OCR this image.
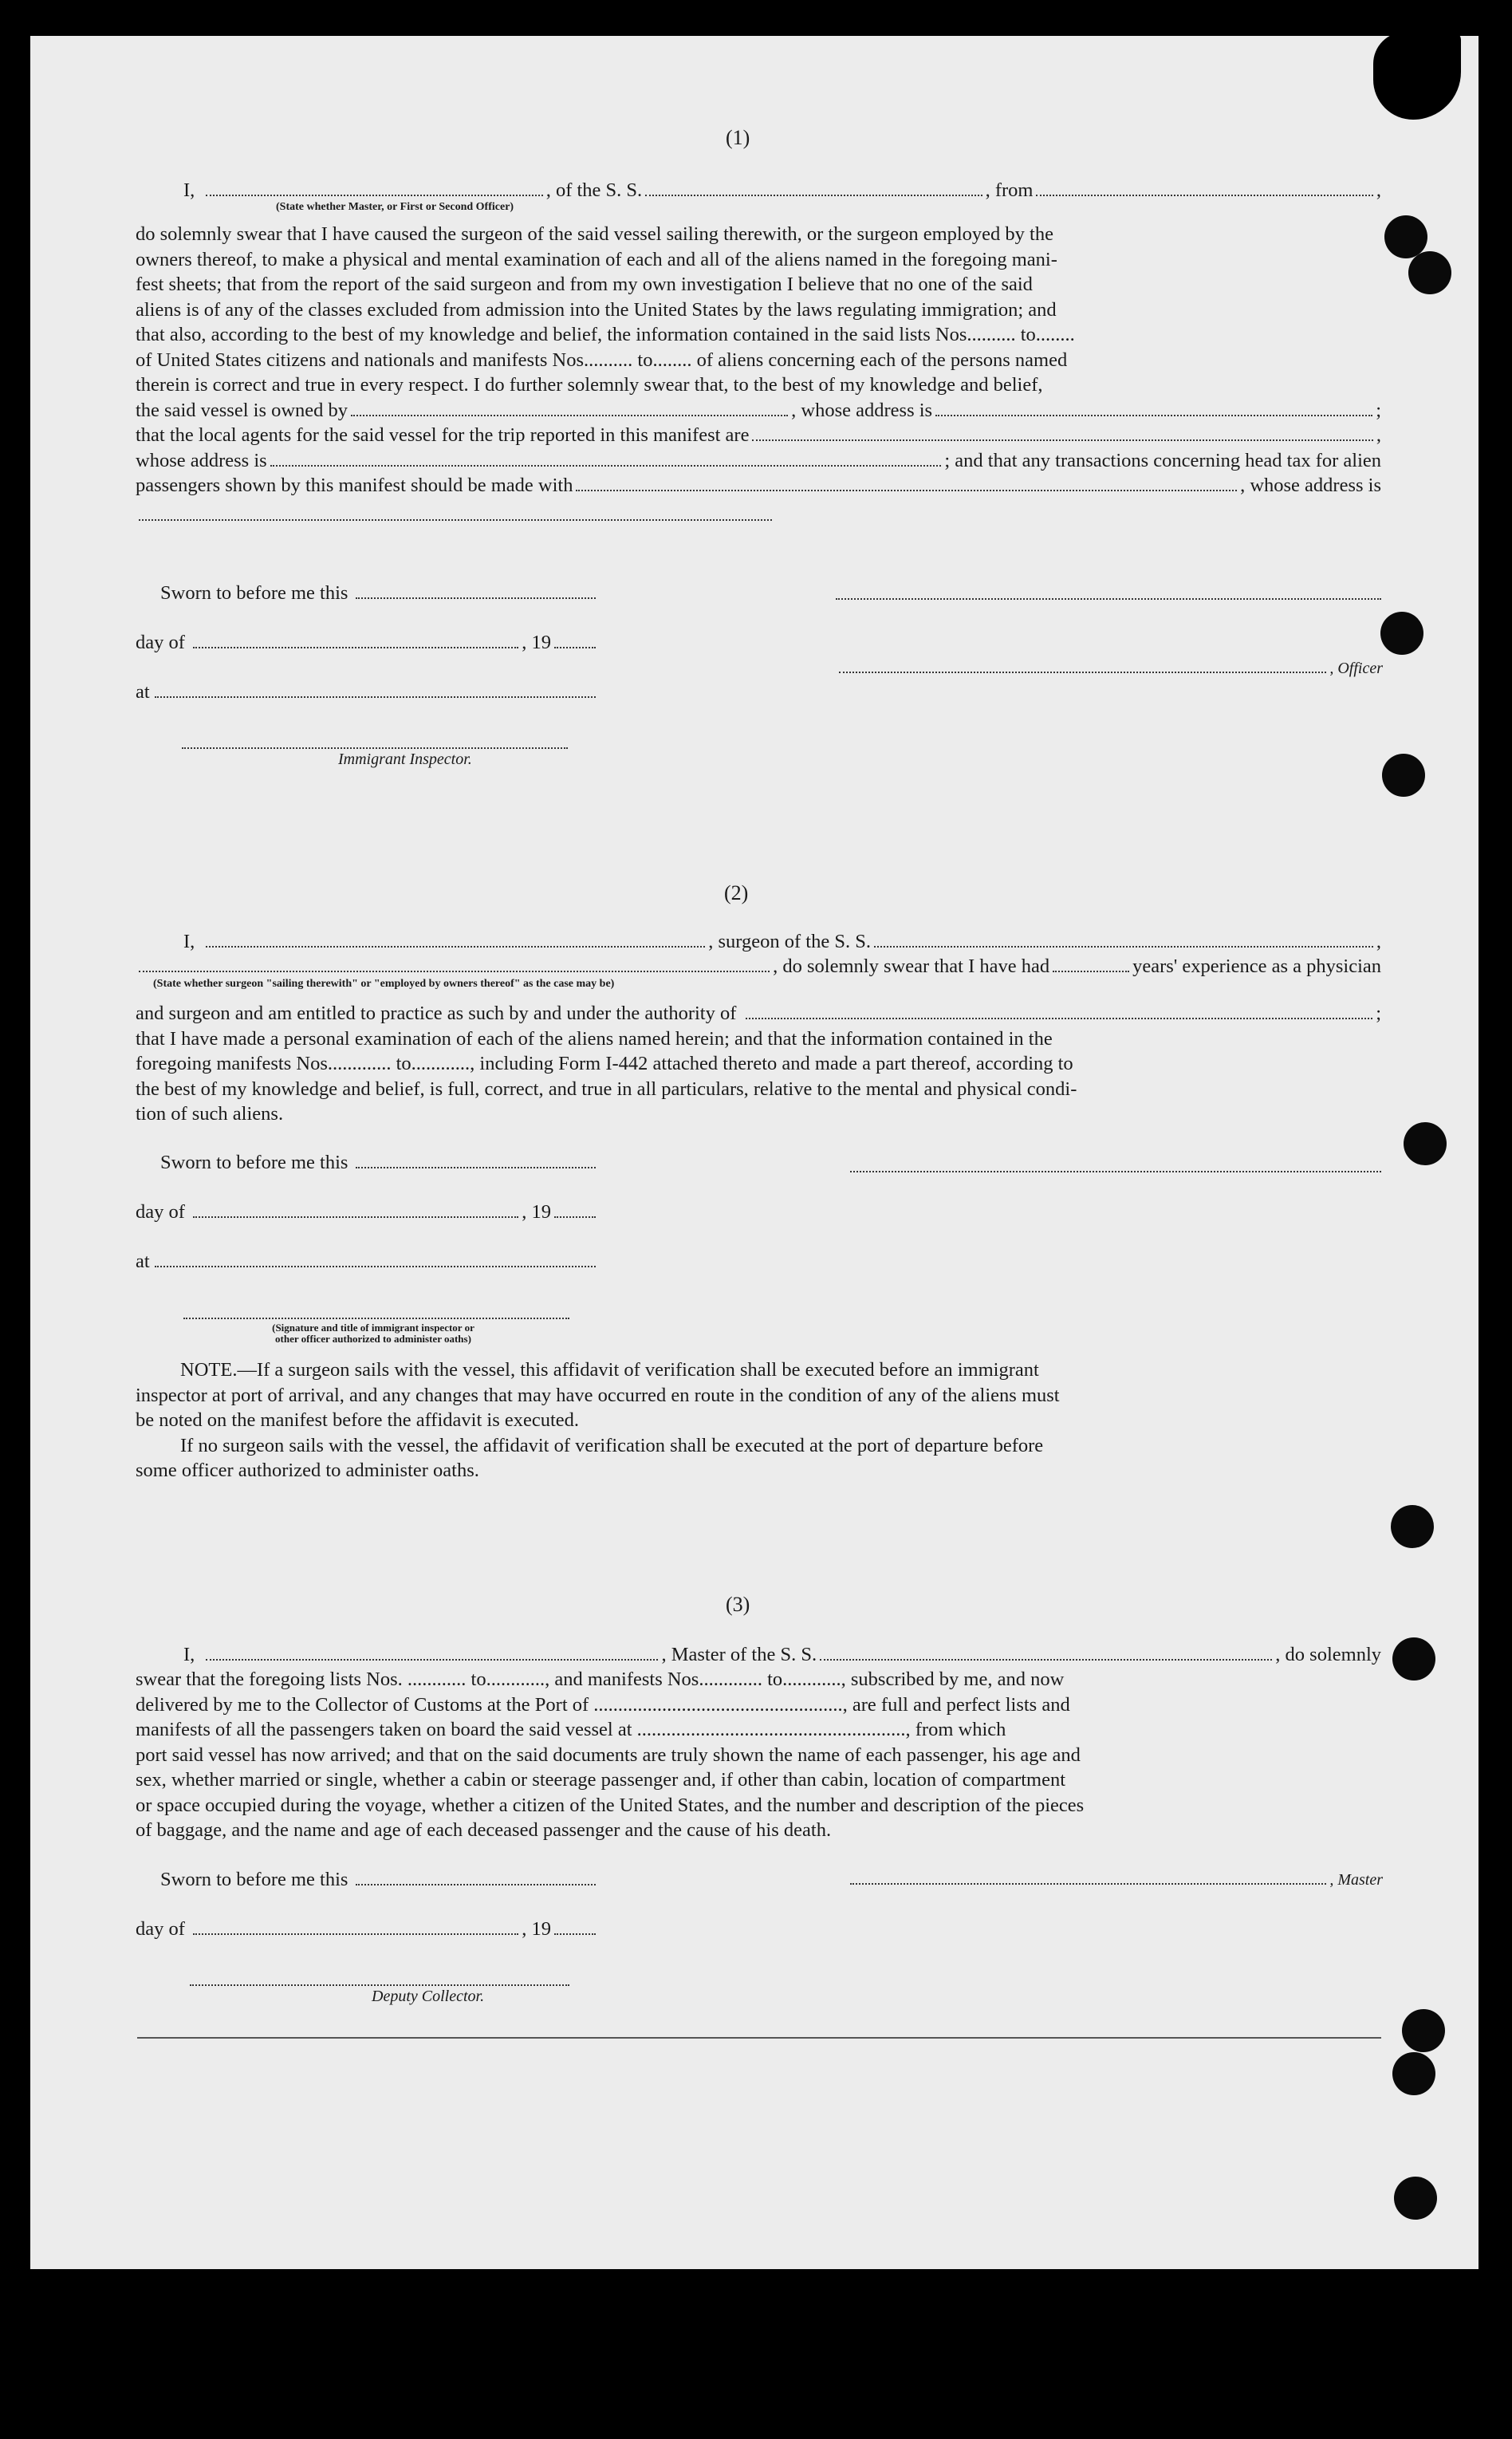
(1)
I,	, of the S. S.	, from	,
(State whether Master, or First or Second Officer)
do solemnly swear that I have caused the surgeon of the said vessel sailing therewith, or the surgeon employed by the
owners thereof, to make a physical and mental examination of each and all of the aliens named in the foregoing mani-
fest sheets; that from the report of the said surgeon and from my own investigation I believe that no one of the said
aliens is of any of the classes excluded from admission into the United States by the laws regulating immigration; and
that also, according to the best of my knowledge and belief, the information contained in the said lists Nos.......... to........
of United States citizens and nationals and manifests Nos.......... to........ of aliens concerning each of the persons named
therein is correct and true in every respect. I do further solemnly swear that, to the best of my knowledge and belief,
the said vessel is owned by	, whose address is	;
that the local agents for the said vessel for the trip reported in this manifest are	,
whose address is	; and that any transactions concerning head tax for alien
passengers shown by this manifest should be made with	, whose address is
Sworn to before me this
day of	, 19
at
, Officer
Immigrant Inspector.
(2)
I,	, surgeon of the S. S.	,
, do solemnly swear that I have had	years' experience as a physician
(State whether surgeon "sailing therewith" or "employed by owners thereof" as the case may be)
and surgeon and am entitled to practice as such by and under the authority of	;
that I have made a personal examination of each of the aliens named herein; and that the information contained in the
foregoing manifests Nos............. to............, including Form I-442 attached thereto and made a part thereof, according to
the best of my knowledge and belief, is full, correct, and true in all particulars, relative to the mental and physical condi-
tion of such aliens.
Sworn to before me this
day of	, 19
at
(Signature and title of immigrant inspector or
other officer authorized to administer oaths)
NOTE.—If a surgeon sails with the vessel, this affidavit of verification shall be executed before an immigrant
inspector at port of arrival, and any changes that may have occurred en route in the condition of any of the aliens must
be noted on the manifest before the affidavit is executed.
If no surgeon sails with the vessel, the affidavit of verification shall be executed at the port of departure before
some officer authorized to administer oaths.
(3)
I,	, Master of the S. S.	, do solemnly
swear that the foregoing lists Nos. ............ to............, and manifests Nos............. to............, subscribed by me, and now
delivered by me to the Collector of Customs at the Port of ..................................................., are full and perfect lists and
manifests of all the passengers taken on board the said vessel at ......................................................., from which
port said vessel has now arrived; and that on the said documents are truly shown the name of each passenger, his age and
sex, whether married or single, whether a cabin or steerage passenger and, if other than cabin, location of compartment
or space occupied during the voyage, whether a citizen of the United States, and the number and description of the pieces
of baggage, and the name and age of each deceased passenger and the cause of his death.
Sworn to before me this	, Master
day of	, 19
Deputy Collector.
